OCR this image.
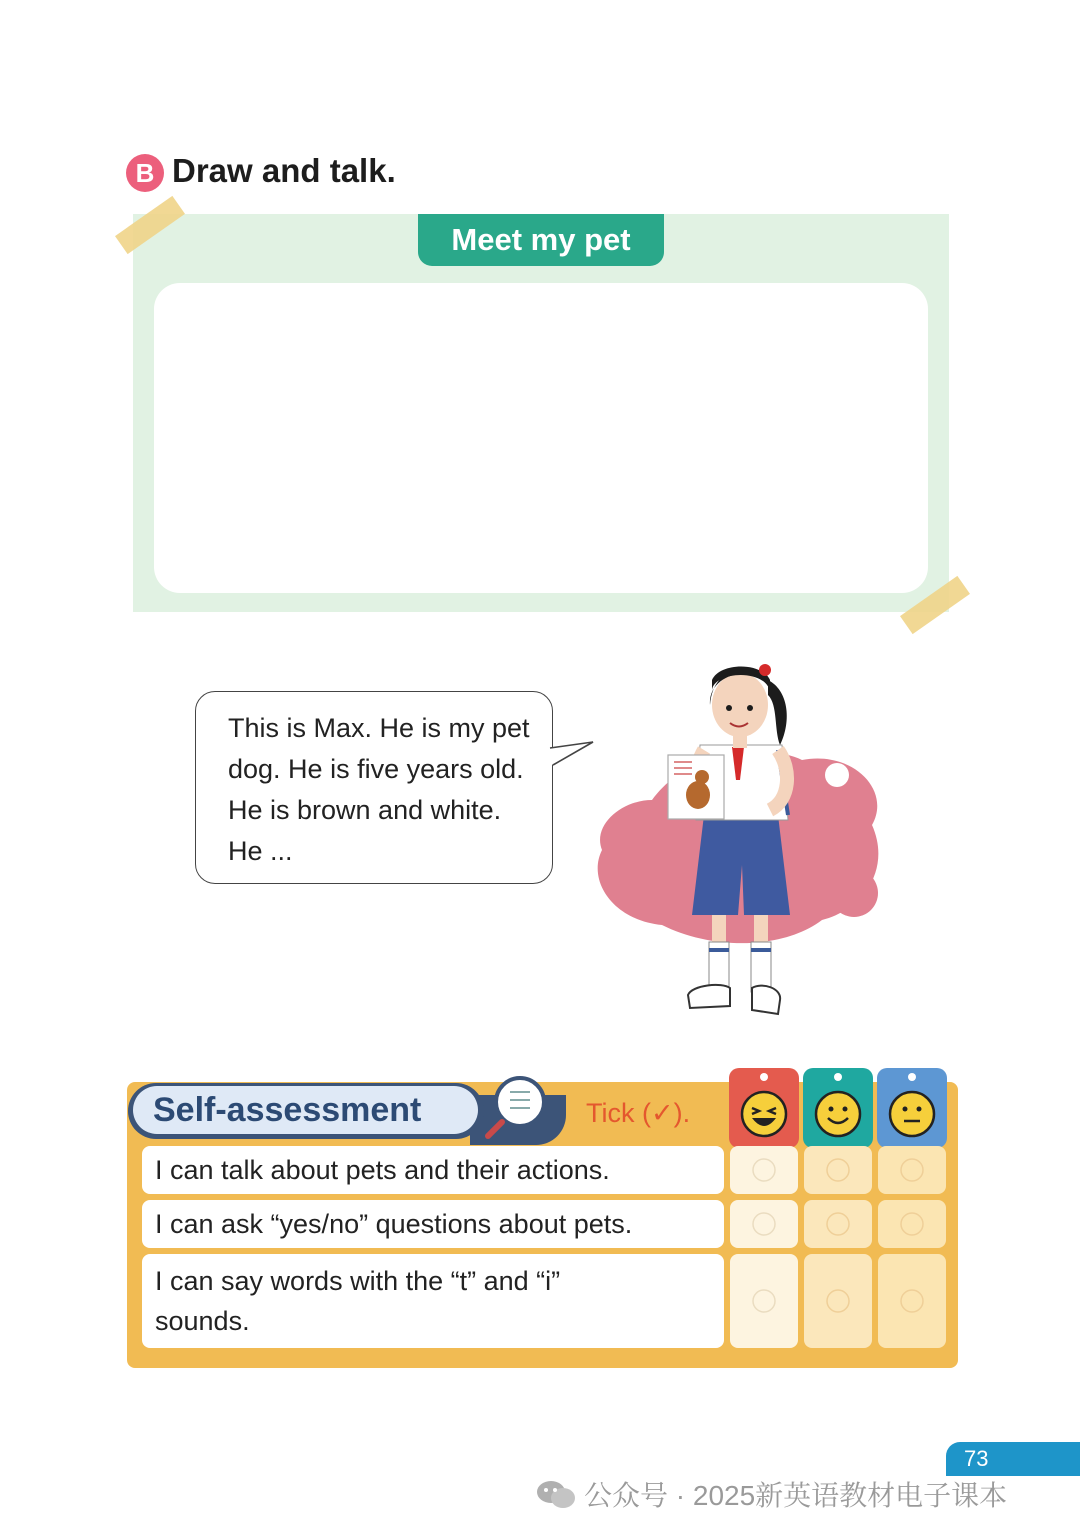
B Draw and talk.
Meet my pet
This is Max. He is my pet dog. He is five years old. He is brown and white. He ...
Self-assessment	Tick (✓).
I can talk about pets and their actions.
I can ask “yes/no” questions about pets.
I can say words with the “t” and “i” sounds.
73
公众号 · 2025新英语教材电子课本
